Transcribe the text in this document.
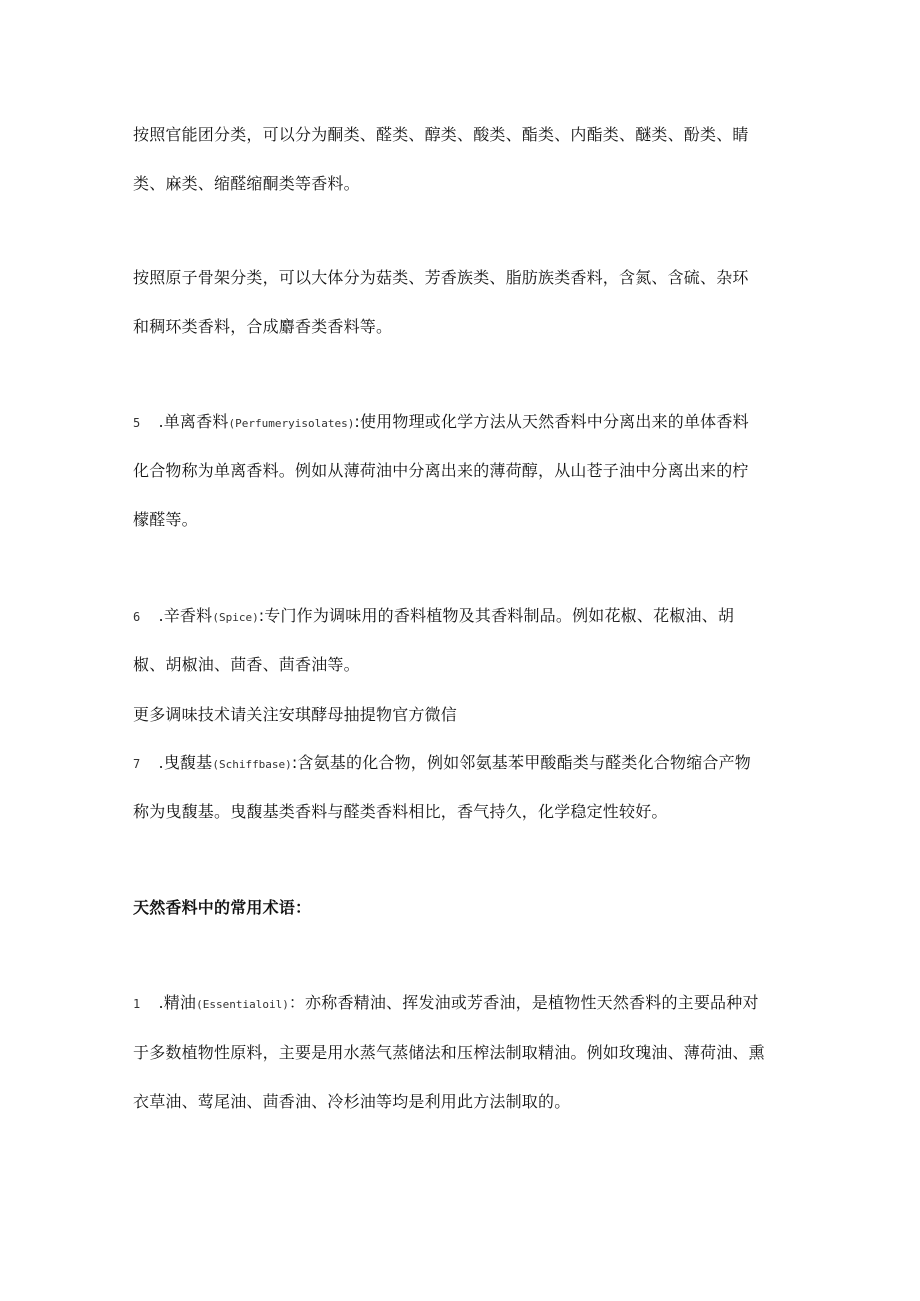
按照官能团分类，可以分为酮类、醛类、醇类、酸类、酯类、内酯类、醚类、酚类、睛
类、麻类、缩醛缩酮类等香料。
按照原子骨架分类，可以大体分为菇类、芳香族类、脂肪族类香料，含氮、含硫、杂环
和稠环类香料，合成麝香类香料等。
5 .单离香料(Perfumeryisolates):使用物理或化学方法从天然香料中分离出来的单体香料
化合物称为单离香料。例如从薄荷油中分离出来的薄荷醇，从山苍子油中分离出来的柠
檬醛等。
6 .辛香料(Spice):专门作为调味用的香料植物及其香料制品。例如花椒、花椒油、胡
椒、胡椒油、茴香、茴香油等。
更多调味技术请关注安琪酵母抽提物官方微信
7 .曳馥基(Schiffbase):含氨基的化合物，例如邻氨基苯甲酸酯类与醛类化合物缩合产物
称为曳馥基。曳馥基类香料与醛类香料相比，香气持久，化学稳定性较好。
天然香料中的常用术语：
1 .精油(Essentialoil)：亦称香精油、挥发油或芳香油，是植物性天然香料的主要品种对
于多数植物性原料，主要是用水蒸气蒸储法和压榨法制取精油。例如玫瑰油、薄荷油、熏
衣草油、莺尾油、茴香油、冷杉油等均是利用此方法制取的。
